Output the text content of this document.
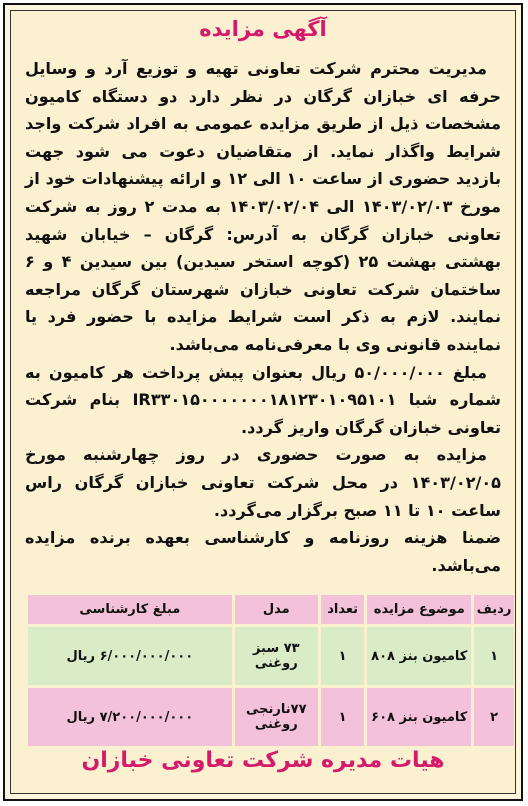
آگهی مزایده

مدیریت محترم شرکت تعاونی تهیه و توزیع آرد و وسایل حرفه ای خبازان گرگان در نظر دارد دو دستگاه کامیون مشخصات ذیل از طریق مزایده عمومی به افراد شرکت واجد شرایط واگذار نماید. از متقاضیان دعوت می شود جهت بازدید حضوری از ساعت ۱۰ الی ۱۲ و ارائه پیشنهادات خود از مورخ ۱۴۰۳/۰۲/۰۳ الی ۱۴۰۳/۰۲/۰۴ به مدت ۲ روز به شرکت تعاونی خبازان گرگان به آدرس: گرگان – خیابان شهید بهشتی بهشت ۲۵ (کوچه استخر سیدین) بین سیدین ۴ و ۶ ساختمان شرکت تعاونی خبازان شهرستان گرگان مراجعه نمایند. لازم به ذکر است شرایط مزایده با حضور فرد یا نماینده قانونی وی با معرفی‌نامه می‌باشد.

مبلغ ۵۰/۰۰۰/۰۰۰ ریال بعنوان پیش پرداخت هر کامیون به شماره شبا IR۳۳۰۱۵۰۰۰۰۰۰۰۱۸۱۲۳۰۱۰۹۵۱۰۱ بنام شرکت تعاونی خبازان گرگان واریز گردد.

مزایده به صورت حضوری در روز چهارشنبه مورخ ۱۴۰۳/۰۲/۰۵ در محل شرکت تعاونی خبازان گرگان راس ساعت ۱۰ تا ۱۱ صبح برگزار می‌گردد.

ضمنا هزینه روزنامه و کارشناسی بعهده برنده مزایده می‌باشد.

ردیف	موضوع مزایده	تعداد	مدل	مبلغ کارشناسی
۱	کامیون بنز ۸۰۸	۱	۷۳ سبز روغنی	۶/۰۰۰/۰۰۰/۰۰۰ ریال
۲	کامیون بنز ۶۰۸	۱	۷۷نارنجی روغنی	۷/۲۰۰/۰۰۰/۰۰۰ ریال
هیات مدیره شرکت تعاونی خبازان
